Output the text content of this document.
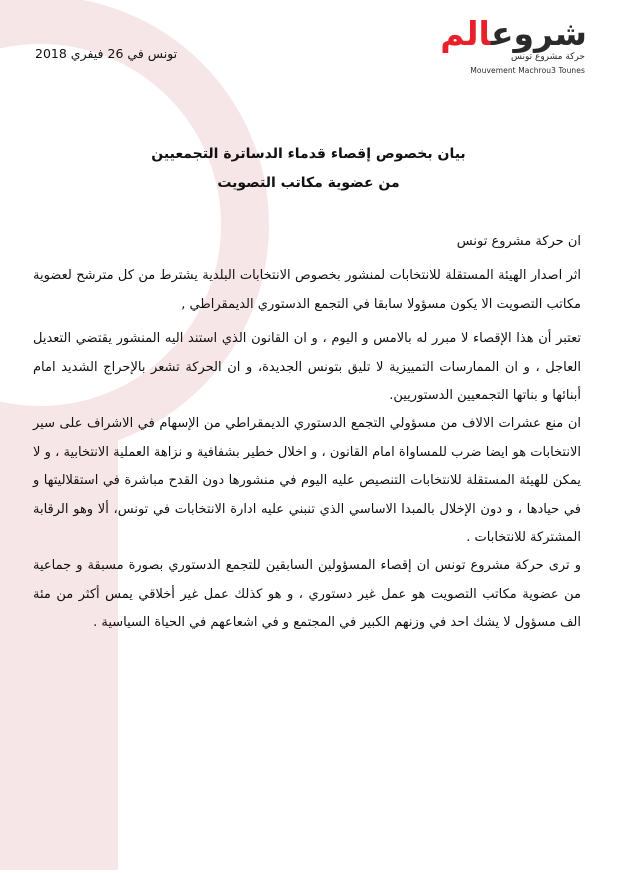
شروعالم
حركة مشروع تونس
Mouvement Machrou3 Tounes
تونس في 26 فيفري 2018
بيان بخصوص إقصاء قدماء الدساترة التجمعيين
من عضوية مكاتب التصويت

ان حركة مشروع تونس

اثر اصدار الهيئة المستقلة للانتخابات لمنشور بخصوص الانتخابات البلدية يشترط من كل مترشح لعضوية مكاتب التصويت الا يكون مسؤولا سابقا في التجمع الدستوري الديمقراطي ,

تعتبر أن هذا الإقصاء لا مبرر له بالامس و اليوم ، و ان القانون الذي استند اليه المنشور يقتضي التعديل العاجل ، و ان الممارسات التمييزية لا تليق بتونس الجديدة، و ان الحركة تشعر بالإحراج الشديد امام أبنائها و بناتها التجمعيين الدستوريين.

ان منع عشرات الالاف من مسؤولي التجمع الدستوري الديمقراطي من الإسهام في الاشراف على سير الانتخابات هو ايضا ضرب للمساواة امام القانون ، و اخلال خطير بشفافية و نزاهة العملية الانتخابية ، و لا يمكن للهيئة المستقلة للانتخابات التنصيص عليه اليوم في منشورها دون القدح مباشرة في استقلاليتها و في حيادها ، و دون الإخلال بالمبدا الاساسي الذي تنبني عليه ادارة الانتخابات في تونس، ألا وهو الرقابة المشتركة للانتخابات .

و ترى حركة مشروع تونس ان إقصاء المسؤولين السابقين للتجمع الدستوري بصورة مسبقة و جماعية من عضوية مكاتب التصويت هو عمل غير دستوري ، و هو كذلك عمل غير أخلاقي يمس أكثر من مئة الف مسؤول لا يشك احد في وزنهم الكبير في المجتمع و في اشعاعهم في الحياة السياسية .
